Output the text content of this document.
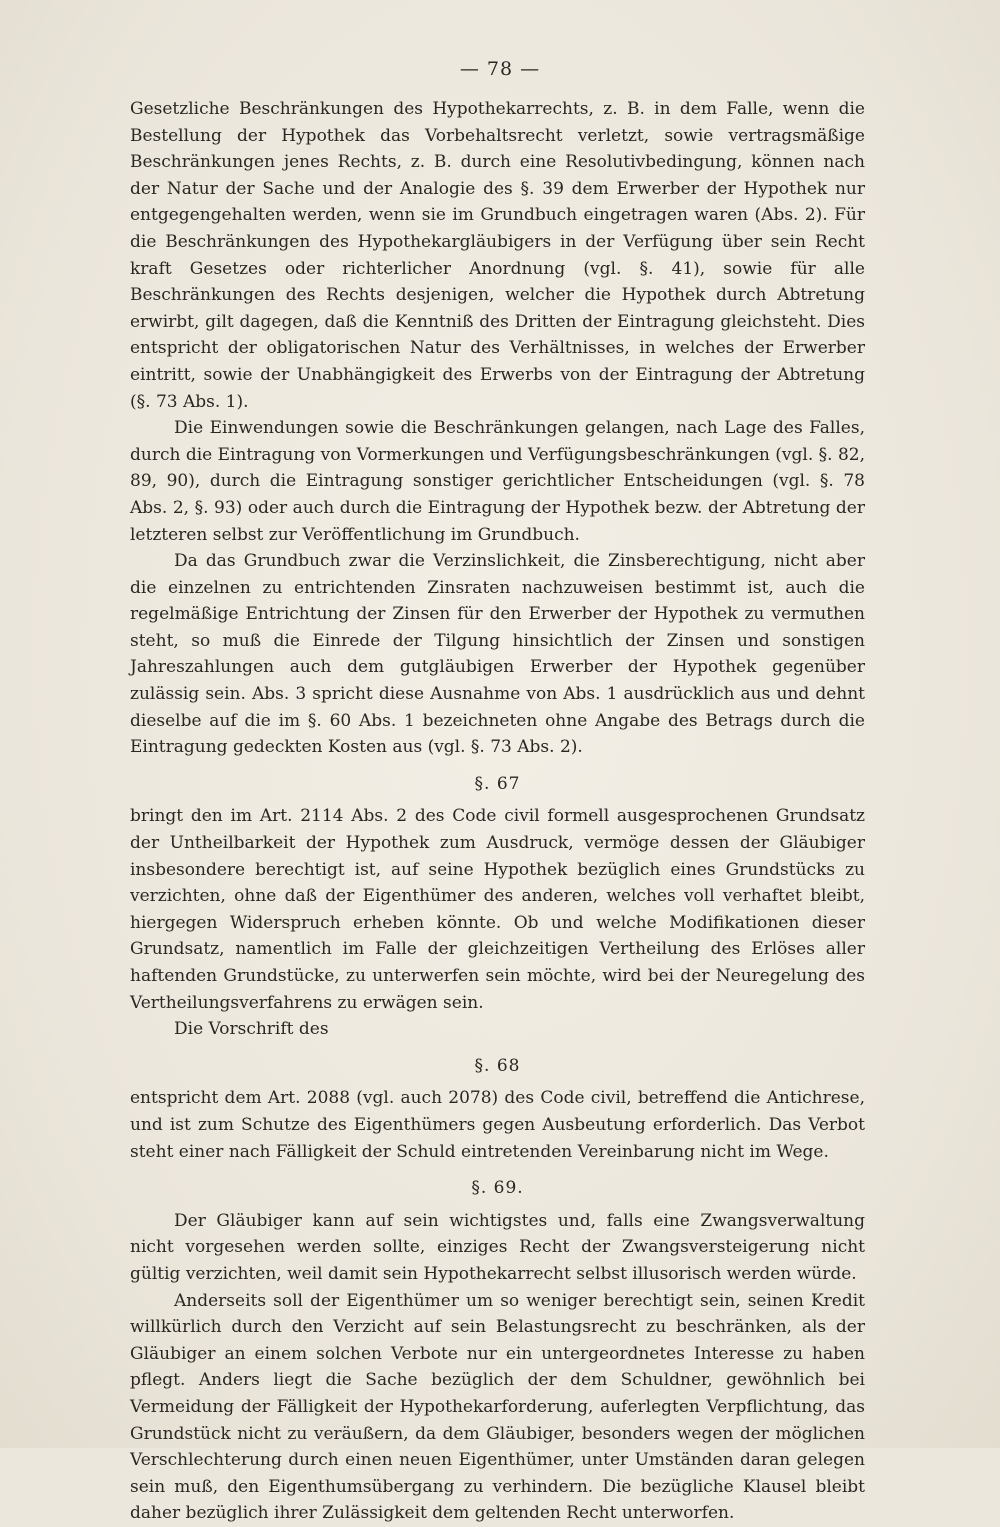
— 78 —

Gesetzliche Beschränkungen des Hypothekarrechts, z. B. in dem Falle, wenn die Bestellung der Hypothek das Vorbehaltsrecht verletzt, sowie vertragsmäßige Beschränkungen jenes Rechts, z. B. durch eine Resolutivbedingung, können nach der Natur der Sache und der Analogie des §. 39 dem Erwerber der Hypothek nur entgegengehalten werden, wenn sie im Grundbuch eingetragen waren (Abs. 2). Für die Beschränkungen des Hypothekargläubigers in der Verfügung über sein Recht kraft Gesetzes oder richterlicher Anordnung (vgl. §. 41), sowie für alle Beschränkungen des Rechts desjenigen, welcher die Hypothek durch Abtretung erwirbt, gilt dagegen, daß die Kenntniß des Dritten der Eintragung gleichsteht. Dies entspricht der obligatorischen Natur des Verhältnisses, in welches der Erwerber eintritt, sowie der Unabhängigkeit des Erwerbs von der Eintragung der Abtretung (§. 73 Abs. 1).

Die Einwendungen sowie die Beschränkungen gelangen, nach Lage des Falles, durch die Eintragung von Vormerkungen und Verfügungsbeschränkungen (vgl. §. 82, 89, 90), durch die Eintragung sonstiger gerichtlicher Entscheidungen (vgl. §. 78 Abs. 2, §. 93) oder auch durch die Eintragung der Hypothek bezw. der Abtretung der letzteren selbst zur Veröffentlichung im Grundbuch.

Da das Grundbuch zwar die Verzinslichkeit, die Zinsberechtigung, nicht aber die einzelnen zu entrichtenden Zinsraten nachzuweisen bestimmt ist, auch die regelmäßige Entrichtung der Zinsen für den Erwerber der Hypothek zu vermuthen steht, so muß die Einrede der Tilgung hinsichtlich der Zinsen und sonstigen Jahreszahlungen auch dem gutgläubigen Erwerber der Hypothek gegenüber zulässig sein. Abs. 3 spricht diese Ausnahme von Abs. 1 ausdrücklich aus und dehnt dieselbe auf die im §. 60 Abs. 1 bezeichneten ohne Angabe des Betrags durch die Eintragung gedeckten Kosten aus (vgl. §. 73 Abs. 2).

§. 67

bringt den im Art. 2114 Abs. 2 des Code civil formell ausgesprochenen Grundsatz der Untheilbarkeit der Hypothek zum Ausdruck, vermöge dessen der Gläubiger insbesondere berechtigt ist, auf seine Hypothek bezüglich eines Grundstücks zu verzichten, ohne daß der Eigenthümer des anderen, welches voll verhaftet bleibt, hiergegen Widerspruch erheben könnte. Ob und welche Modifikationen dieser Grundsatz, namentlich im Falle der gleichzeitigen Vertheilung des Erlöses aller haftenden Grundstücke, zu unterwerfen sein möchte, wird bei der Neuregelung des Vertheilungsverfahrens zu erwägen sein.

Die Vorschrift des

§. 68

entspricht dem Art. 2088 (vgl. auch 2078) des Code civil, betreffend die Antichrese, und ist zum Schutze des Eigenthümers gegen Ausbeutung erforderlich. Das Verbot steht einer nach Fälligkeit der Schuld eintretenden Vereinbarung nicht im Wege.

§. 69.

Der Gläubiger kann auf sein wichtigstes und, falls eine Zwangsverwaltung nicht vorgesehen werden sollte, einziges Recht der Zwangsversteigerung nicht gültig verzichten, weil damit sein Hypothekarrecht selbst illusorisch werden würde.

Anderseits soll der Eigenthümer um so weniger berechtigt sein, seinen Kredit willkürlich durch den Verzicht auf sein Belastungsrecht zu beschränken, als der Gläubiger an einem solchen Verbote nur ein untergeordnetes Interesse zu haben pflegt. Anders liegt die Sache bezüglich der dem Schuldner, gewöhnlich bei Vermeidung der Fälligkeit der Hypothekarforderung, auferlegten Verpflichtung, das Grundstück nicht zu veräußern, da dem Gläubiger, besonders wegen der möglichen Verschlechterung durch einen neuen Eigenthümer, unter Umständen daran gelegen sein muß, den Eigenthumsübergang zu verhindern. Die bezügliche Klausel bleibt daher bezüglich ihrer Zulässigkeit dem geltenden Recht unterworfen.
